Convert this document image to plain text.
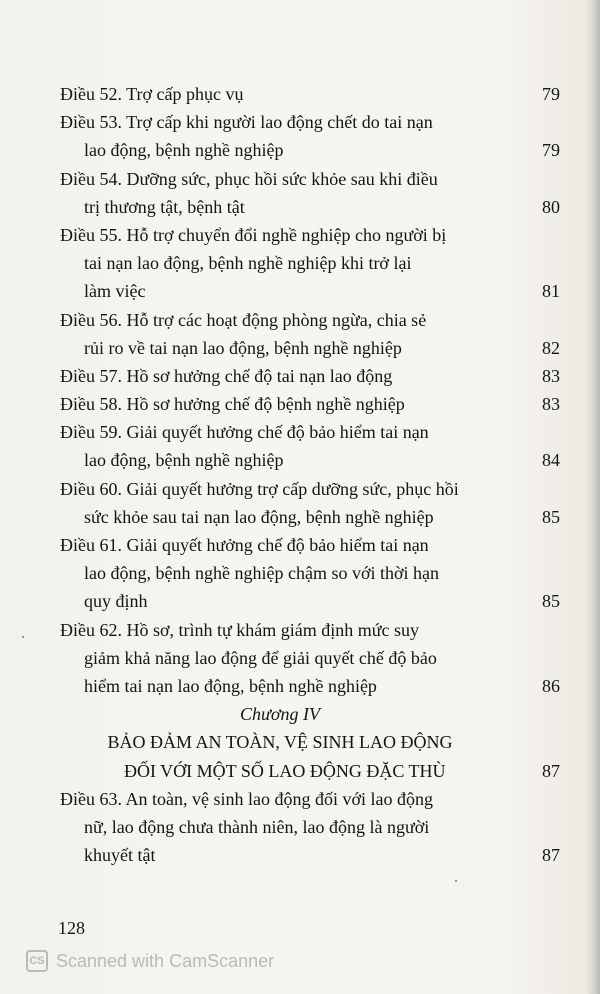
Điều 52. Trợ cấp phục vụ	79
Điều 53. Trợ cấp khi người lao động chết do tai nạn
lao động, bệnh nghề nghiệp	79
Điều 54. Dưỡng sức, phục hồi sức khỏe sau khi điều
trị thương tật, bệnh tật	80
Điều 55. Hỗ trợ chuyển đổi nghề nghiệp cho người bị
tai nạn lao động, bệnh nghề nghiệp khi trở lại
làm việc	81
Điều 56. Hỗ trợ các hoạt động phòng ngừa, chia sẻ
rủi ro về tai nạn lao động, bệnh nghề nghiệp	82
Điều 57. Hồ sơ hưởng chế độ tai nạn lao động	83
Điều 58. Hồ sơ hưởng chế độ bệnh nghề nghiệp	83
Điều 59. Giải quyết hưởng chế độ bảo hiểm tai nạn
lao động, bệnh nghề nghiệp	84
Điều 60. Giải quyết hưởng trợ cấp dưỡng sức, phục hồi
sức khỏe sau tai nạn lao động, bệnh nghề nghiệp	85
Điều 61. Giải quyết hưởng chế độ bảo hiểm tai nạn
lao động, bệnh nghề nghiệp chậm so với thời hạn
quy định	85
Điều 62. Hồ sơ, trình tự khám giám định mức suy
giảm khả năng lao động để giải quyết chế độ bảo
hiểm tai nạn lao động, bệnh nghề nghiệp	86
Chương IV
BẢO ĐẢM AN TOÀN, VỆ SINH LAO ĐỘNG
ĐỐI VỚI MỘT SỐ LAO ĐỘNG ĐẶC THÙ	87
Điều 63. An toàn, vệ sinh lao động đối với lao động
nữ, lao động chưa thành niên, lao động là người
khuyết tật	87
128
CS Scanned with CamScanner
